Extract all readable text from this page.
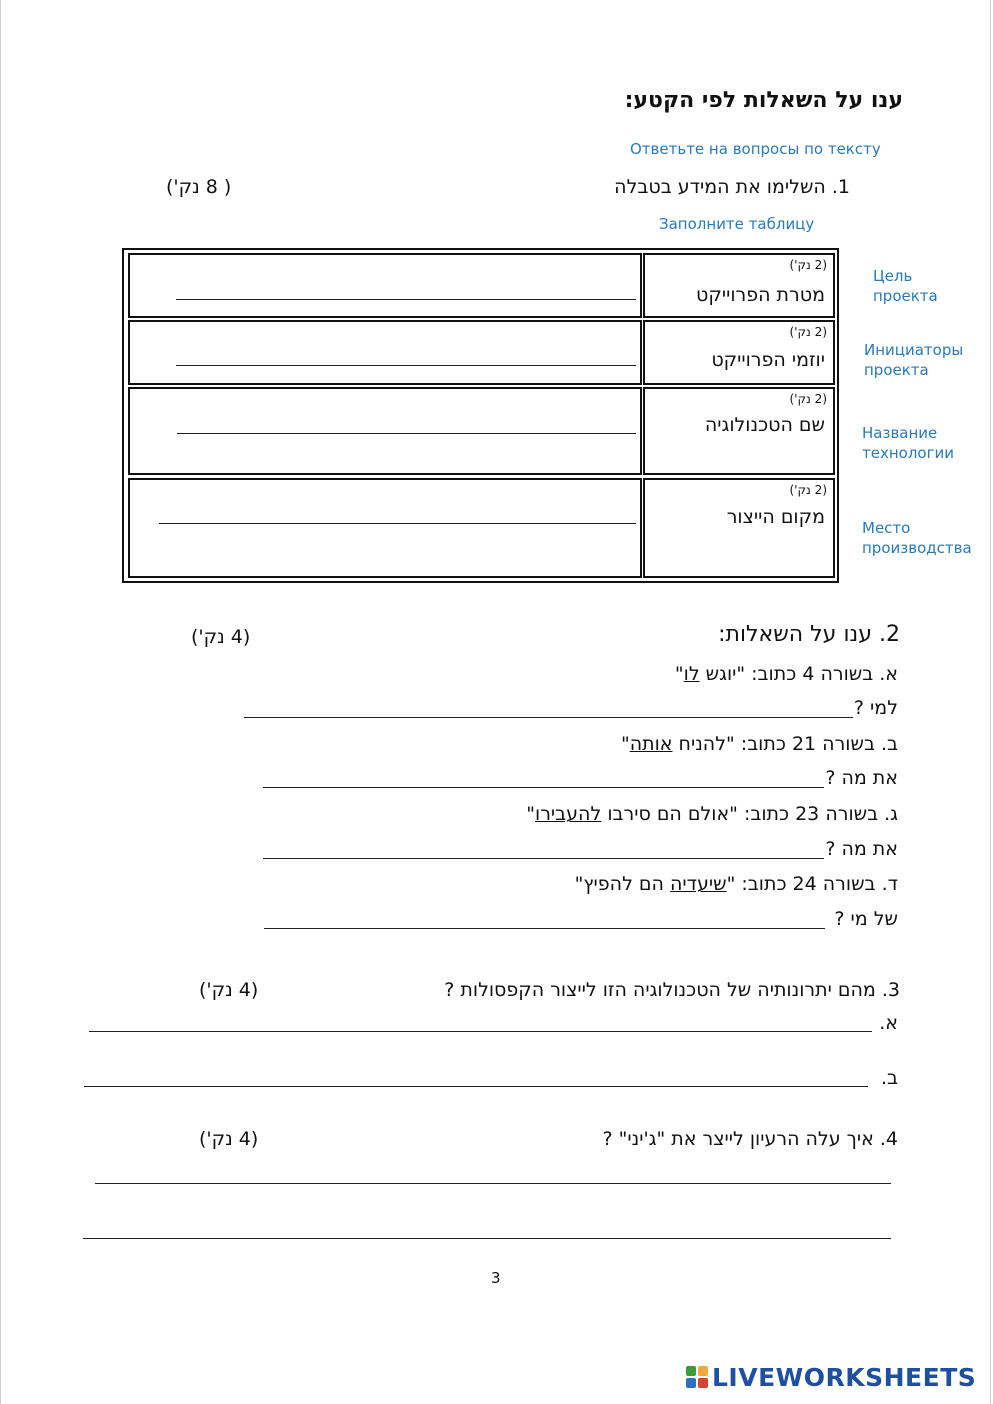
ענו על השאלות לפי הקטע:
Ответьте на вопросы по тексту
1. השלימו את המידע בטבלה
( 8 נק')
Заполните таблицу
(2 נק')
מטרת הפרוייקט
(2 נק')
יוזמי הפרוייקט
(2 נק')
שם הטכנולוגיה
(2 נק')
מקום הייצור
Цель
проекта
Инициаторы
проекта
Название
технологии
Место
производства
2. ענו על השאלות:
(4 נק')
א. בשורה 4 כתוב: "יוגש לו"
למי ?
ב. בשורה 21 כתוב: "להניח אותה"
את מה ?
ג. בשורה 23 כתוב: "אולם הם סירבו להעבירו"
את מה ?
ד. בשורה 24 כתוב: "שיעדיה הם להפיץ"
של מי ?
3. מהם יתרונותיה של הטכנולוגיה הזו לייצור הקפסולות ?
(4 נק')
א.
ב.
4. איך עלה הרעיון לייצר את "ג'יני" ?
(4 נק')
3
LIVEWORKSHEETS
